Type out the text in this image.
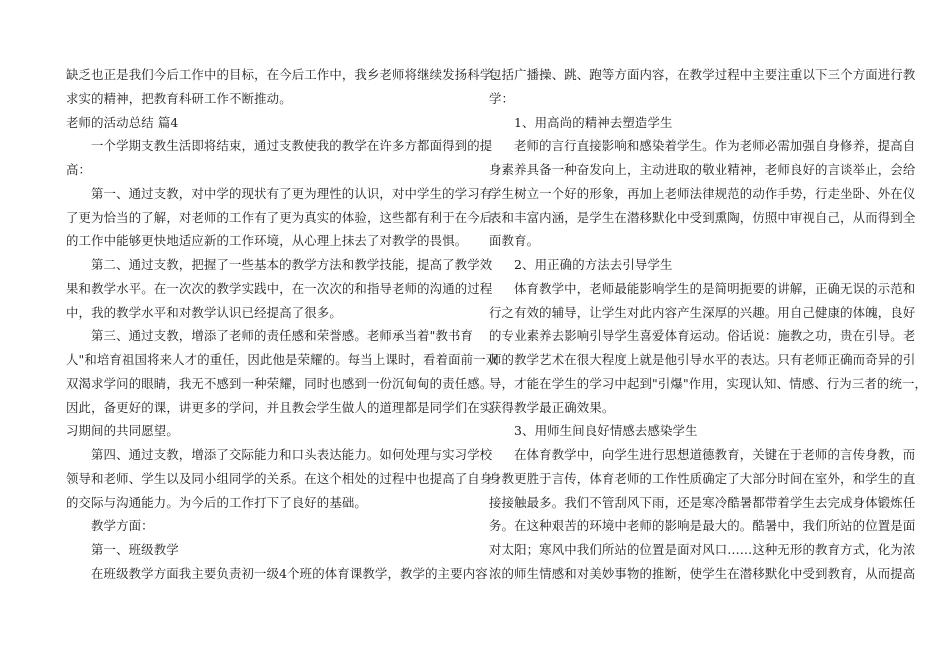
缺乏也正是我们今后工作中的目标，在今后工作中，我乡老师将继续发扬科学、
求实的精神，把教育科研工作不断推动。
老师的活动总结 篇4
一个学期支教生活即将结束，通过支教使我的教学在许多方都面得到的提
高：
第一、通过支教，对中学的现状有了更为理性的认识，对中学生的学习有
了更为恰当的了解，对老师的工作有了更为真实的体验，这些都有利于在今后
的工作中能够更快地适应新的工作环境，从心理上抹去了对教学的畏惧。
第二、通过支教，把握了一些基本的教学方法和教学技能，提高了教学效
果和教学水平。在一次次的教学实践中，在一次次的和指导老师的沟通的过程
中，我的教学水平和对教学认识已经提高了很多。
第三、通过支教，增添了老师的责任感和荣誉感。老师承当着"教书育
人"和培育祖国将来人才的重任，因此他是荣耀的。每当上课时，看着面前一双
双渴求学问的眼睛，我无不感到一种荣耀，同时也感到一份沉甸甸的责任感。
因此，备更好的课，讲更多的学问，并且教会学生做人的道理都是同学们在实
习期间的共同愿望。
第四、通过支教，增添了交际能力和口头表达能力。如何处理与实习学校
领导和老师、学生以及同小组同学的关系。在这个相处的过程中也提高了自身
的交际与沟通能力。为今后的工作打下了良好的基础。
教学方面：
第一、班级教学
在班级教学方面我主要负责初一级4个班的体育课教学，教学的主要内容
包括广播操、跳、跑等方面内容，在教学过程中主要注重以下三个方面进行教
学：
1、用高尚的精神去塑造学生
老师的言行直接影响和感染着学生。作为老师必需加强自身修养，提高自
身素养具备一种奋发向上，主动进取的敬业精神，老师良好的言谈举止，会给
学生树立一个好的形象，再加上老师法律规范的动作手势，行走坐卧、外在仪
表和丰富内涵，是学生在潜移默化中受到熏陶，仿照中审视自己，从而得到全
面教育。
2、用正确的方法去引导学生
体育教学中，老师最能影响学生的是简明扼要的讲解，正确无误的示范和
行之有效的辅导，让学生对此内容产生深厚的兴趣。用自己健康的体魄，良好
的专业素养去影响引导学生喜爱体育运动。俗话说：施教之功，贵在引导。老
师的教学艺术在很大程度上就是他引导水平的表达。只有老师正确而奇异的引
导，才能在学生的学习中起到"引爆"作用，实现认知、情感、行为三者的统一，
获得教学最正确效果。
3、用师生间良好情感去感染学生
在体育教学中，向学生进行思想道德教育，关键在于老师的言传身教，而
身教更胜于言传，体育老师的工作性质确定了大部分时间在室外，和学生的直
接接触最多。我们不管刮风下雨，还是寒冷酷暑都带着学生去完成身体锻炼任
务。在这种艰苦的环境中老师的影响是最大的。酷暑中，我们所站的位置是面
对太阳；寒风中我们所站的位置是面对风口……这种无形的教育方式，化为浓
浓的师生情感和对美妙事物的推断，使学生在潜移默化中受到教育，从而提高
